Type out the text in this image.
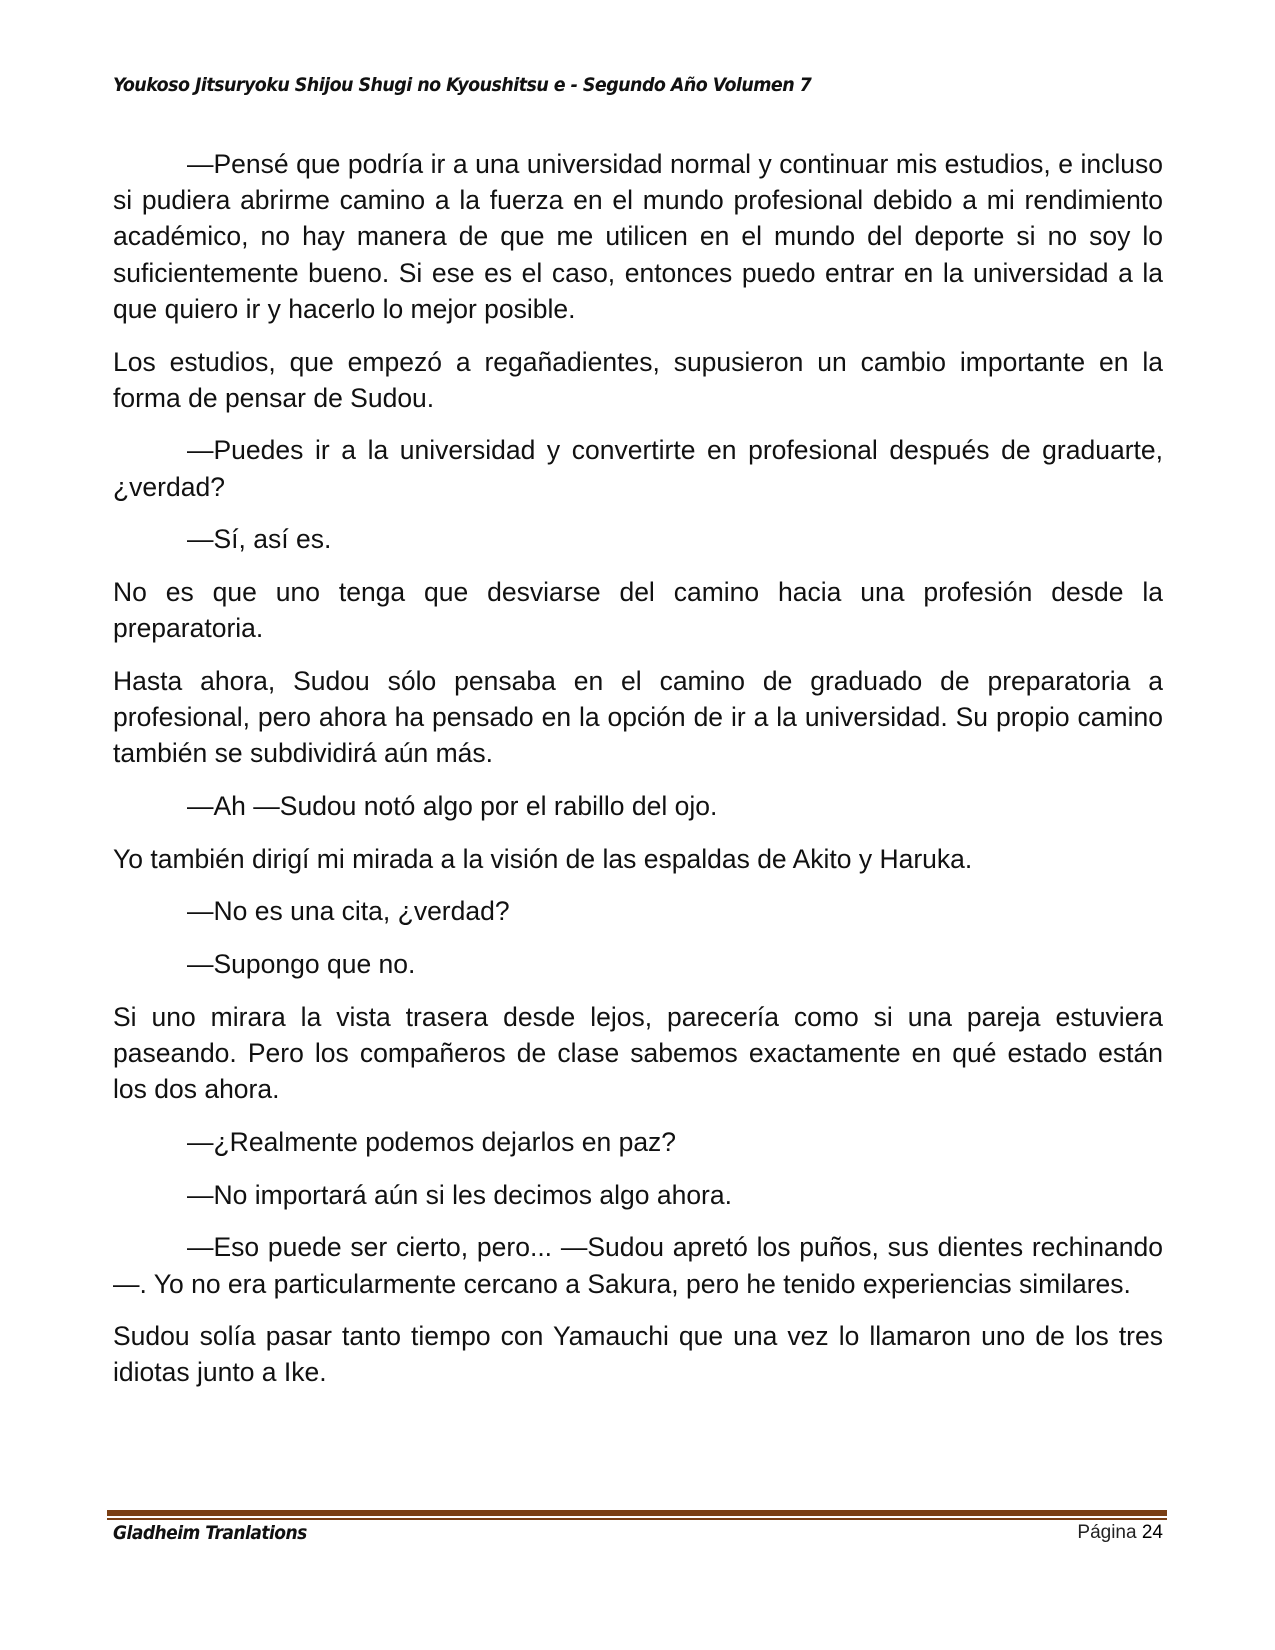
Youkoso Jitsuryoku Shijou Shugi no Kyoushitsu e - Segundo Año Volumen 7

—Pensé que podría ir a una universidad normal y continuar mis estudios, e incluso si pudiera abrirme camino a la fuerza en el mundo profesional debido a mi rendimiento académico, no hay manera de que me utilicen en el mundo del deporte si no soy lo suficientemente bueno. Si ese es el caso, entonces puedo entrar en la universidad a la que quiero ir y hacerlo lo mejor posible.

Los estudios, que empezó a regañadientes, supusieron un cambio importante en la forma de pensar de Sudou.

—Puedes ir a la universidad y convertirte en profesional después de graduarte, ¿verdad?

—Sí, así es.

No es que uno tenga que desviarse del camino hacia una profesión desde la preparatoria.

Hasta ahora, Sudou sólo pensaba en el camino de graduado de preparatoria a profesional, pero ahora ha pensado en la opción de ir a la universidad. Su propio camino también se subdividirá aún más.

—Ah —Sudou notó algo por el rabillo del ojo.

Yo también dirigí mi mirada a la visión de las espaldas de Akito y Haruka.

—No es una cita, ¿verdad?

—Supongo que no.

Si uno mirara la vista trasera desde lejos, parecería como si una pareja estuviera paseando. Pero los compañeros de clase sabemos exactamente en qué estado están los dos ahora.

—¿Realmente podemos dejarlos en paz?

—No importará aún si les decimos algo ahora.

—Eso puede ser cierto, pero... —Sudou apretó los puños, sus dientes rechinando—. Yo no era particularmente cercano a Sakura, pero he tenido experiencias similares.

Sudou solía pasar tanto tiempo con Yamauchi que una vez lo llamaron uno de los tres idiotas junto a Ike.

Gladheim Tranlations	Página 24
